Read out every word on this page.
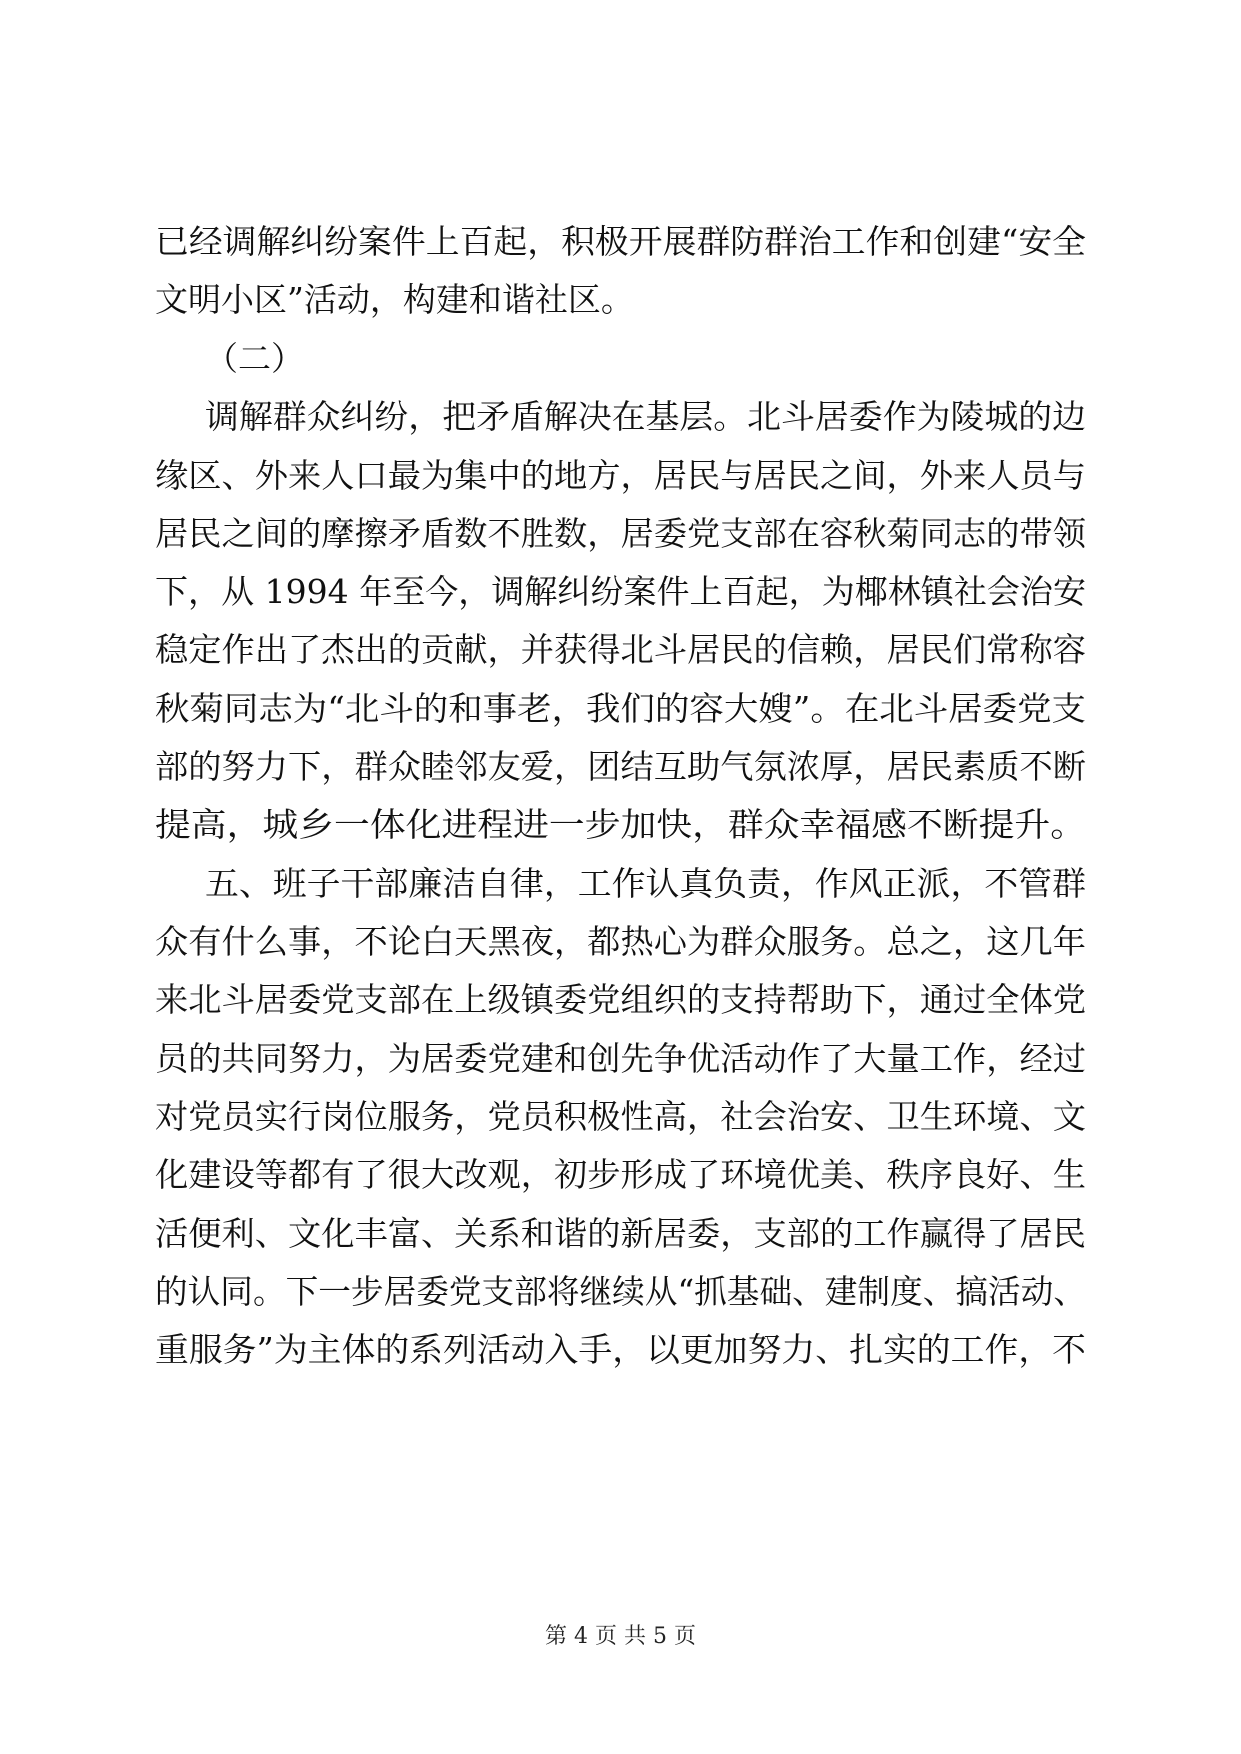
已经调解纠纷案件上百起，积极开展群防群治工作和创建“安全
文明小区”活动，构建和谐社区。
（二）
调解群众纠纷，把矛盾解决在基层。北斗居委作为陵城的边
缘区、外来人口最为集中的地方，居民与居民之间，外来人员与
居民之间的摩擦矛盾数不胜数，居委党支部在容秋菊同志的带领
下，从 1994 年至今，调解纠纷案件上百起，为椰林镇社会治安
稳定作出了杰出的贡献，并获得北斗居民的信赖，居民们常称容
秋菊同志为“北斗的和事老，我们的容大嫂”。在北斗居委党支
部的努力下，群众睦邻友爱，团结互助气氛浓厚，居民素质不断
提高，城乡一体化进程进一步加快，群众幸福感不断提升。
五、班子干部廉洁自律，工作认真负责，作风正派，不管群
众有什么事，不论白天黑夜，都热心为群众服务。总之，这几年
来北斗居委党支部在上级镇委党组织的支持帮助下，通过全体党
员的共同努力，为居委党建和创先争优活动作了大量工作，经过
对党员实行岗位服务，党员积极性高，社会治安、卫生环境、文
化建设等都有了很大改观，初步形成了环境优美、秩序良好、生
活便利、文化丰富、关系和谐的新居委，支部的工作赢得了居民
的认同。下一步居委党支部将继续从“抓基础、建制度、搞活动、
重服务”为主体的系列活动入手，以更加努力、扎实的工作，不
第 4 页 共 5 页
